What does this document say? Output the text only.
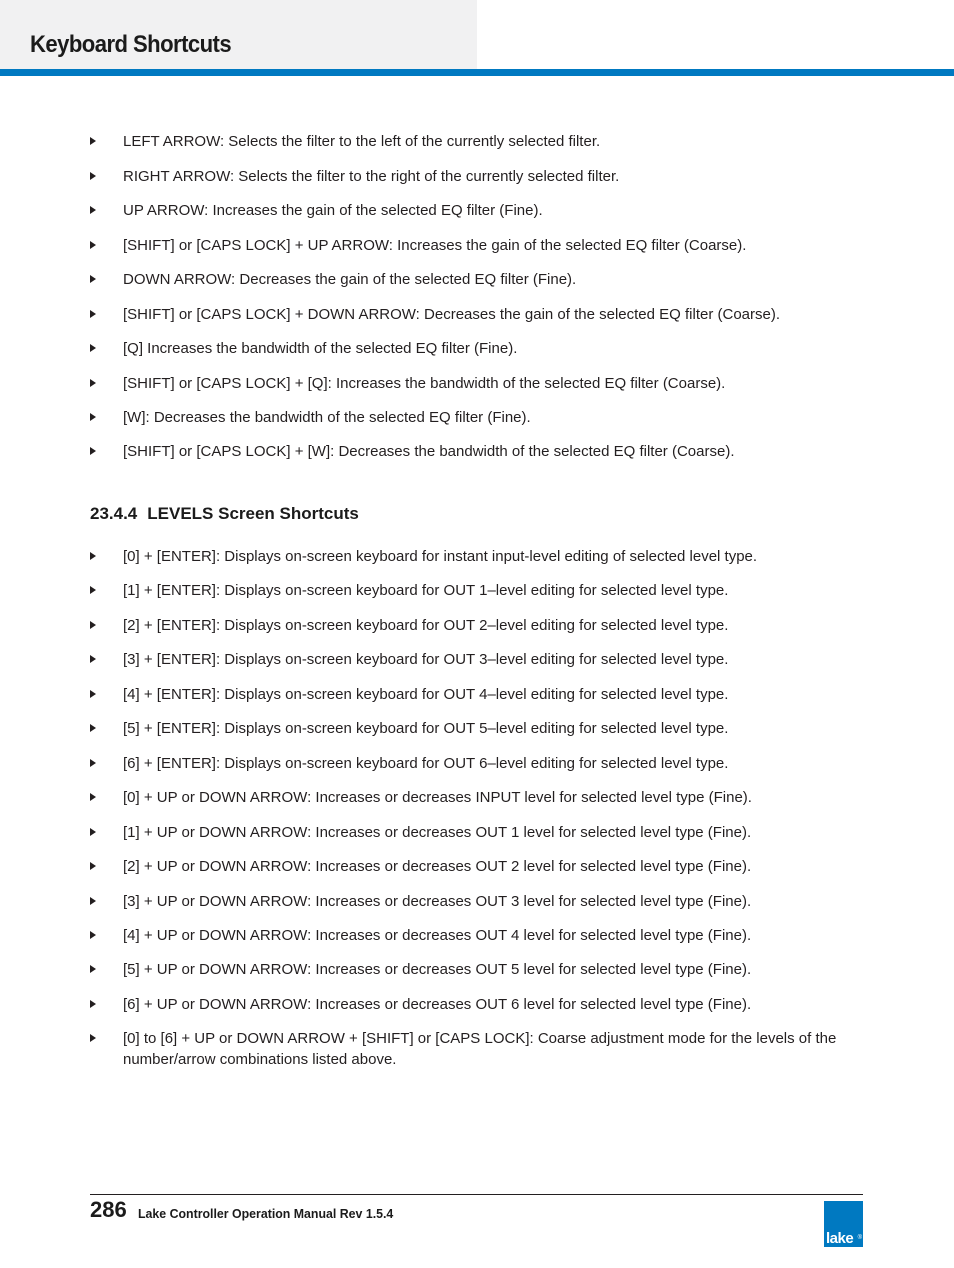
Keyboard Shortcuts
LEFT ARROW: Selects the filter to the left of the currently selected filter.
RIGHT ARROW: Selects the filter to the right of the currently selected filter.
UP ARROW: Increases the gain of the selected EQ filter (Fine).
[SHIFT] or [CAPS LOCK] + UP ARROW: Increases the gain of the selected EQ filter (Coarse).
DOWN ARROW: Decreases the gain of the selected EQ filter (Fine).
[SHIFT] or [CAPS LOCK] + DOWN ARROW: Decreases the gain of the selected EQ filter (Coarse).
[Q] Increases the bandwidth of the selected EQ filter (Fine).
[SHIFT] or [CAPS LOCK] + [Q]: Increases the bandwidth of the selected EQ filter (Coarse).
[W]: Decreases the bandwidth of the selected EQ filter (Fine).
[SHIFT] or [CAPS LOCK] + [W]: Decreases the bandwidth of the selected EQ filter (Coarse).
23.4.4 LEVELS Screen Shortcuts
[0] + [ENTER]: Displays on-screen keyboard for instant input-level editing of selected level type.
[1] + [ENTER]: Displays on-screen keyboard for OUT 1–level editing for selected level type.
[2] + [ENTER]: Displays on-screen keyboard for OUT 2–level editing for selected level type.
[3] + [ENTER]: Displays on-screen keyboard for OUT 3–level editing for selected level type.
[4] + [ENTER]: Displays on-screen keyboard for OUT 4–level editing for selected level type.
[5] + [ENTER]: Displays on-screen keyboard for OUT 5–level editing for selected level type.
[6] + [ENTER]: Displays on-screen keyboard for OUT 6–level editing for selected level type.
[0] + UP or DOWN ARROW: Increases or decreases INPUT level for selected level type (Fine).
[1] + UP or DOWN ARROW: Increases or decreases OUT 1 level for selected level type (Fine).
[2] + UP or DOWN ARROW: Increases or decreases OUT 2 level for selected level type (Fine).
[3] + UP or DOWN ARROW: Increases or decreases OUT 3 level for selected level type (Fine).
[4] + UP or DOWN ARROW: Increases or decreases OUT 4 level for selected level type (Fine).
[5] + UP or DOWN ARROW: Increases or decreases OUT 5 level for selected level type (Fine).
[6] + UP or DOWN ARROW: Increases or decreases OUT 6 level for selected level type (Fine).
[0] to [6] + UP or DOWN ARROW + [SHIFT] or [CAPS LOCK]: Coarse adjustment mode for the levels of the number/arrow combinations listed above.
286 Lake Controller Operation Manual Rev 1.5.4
lake ®
